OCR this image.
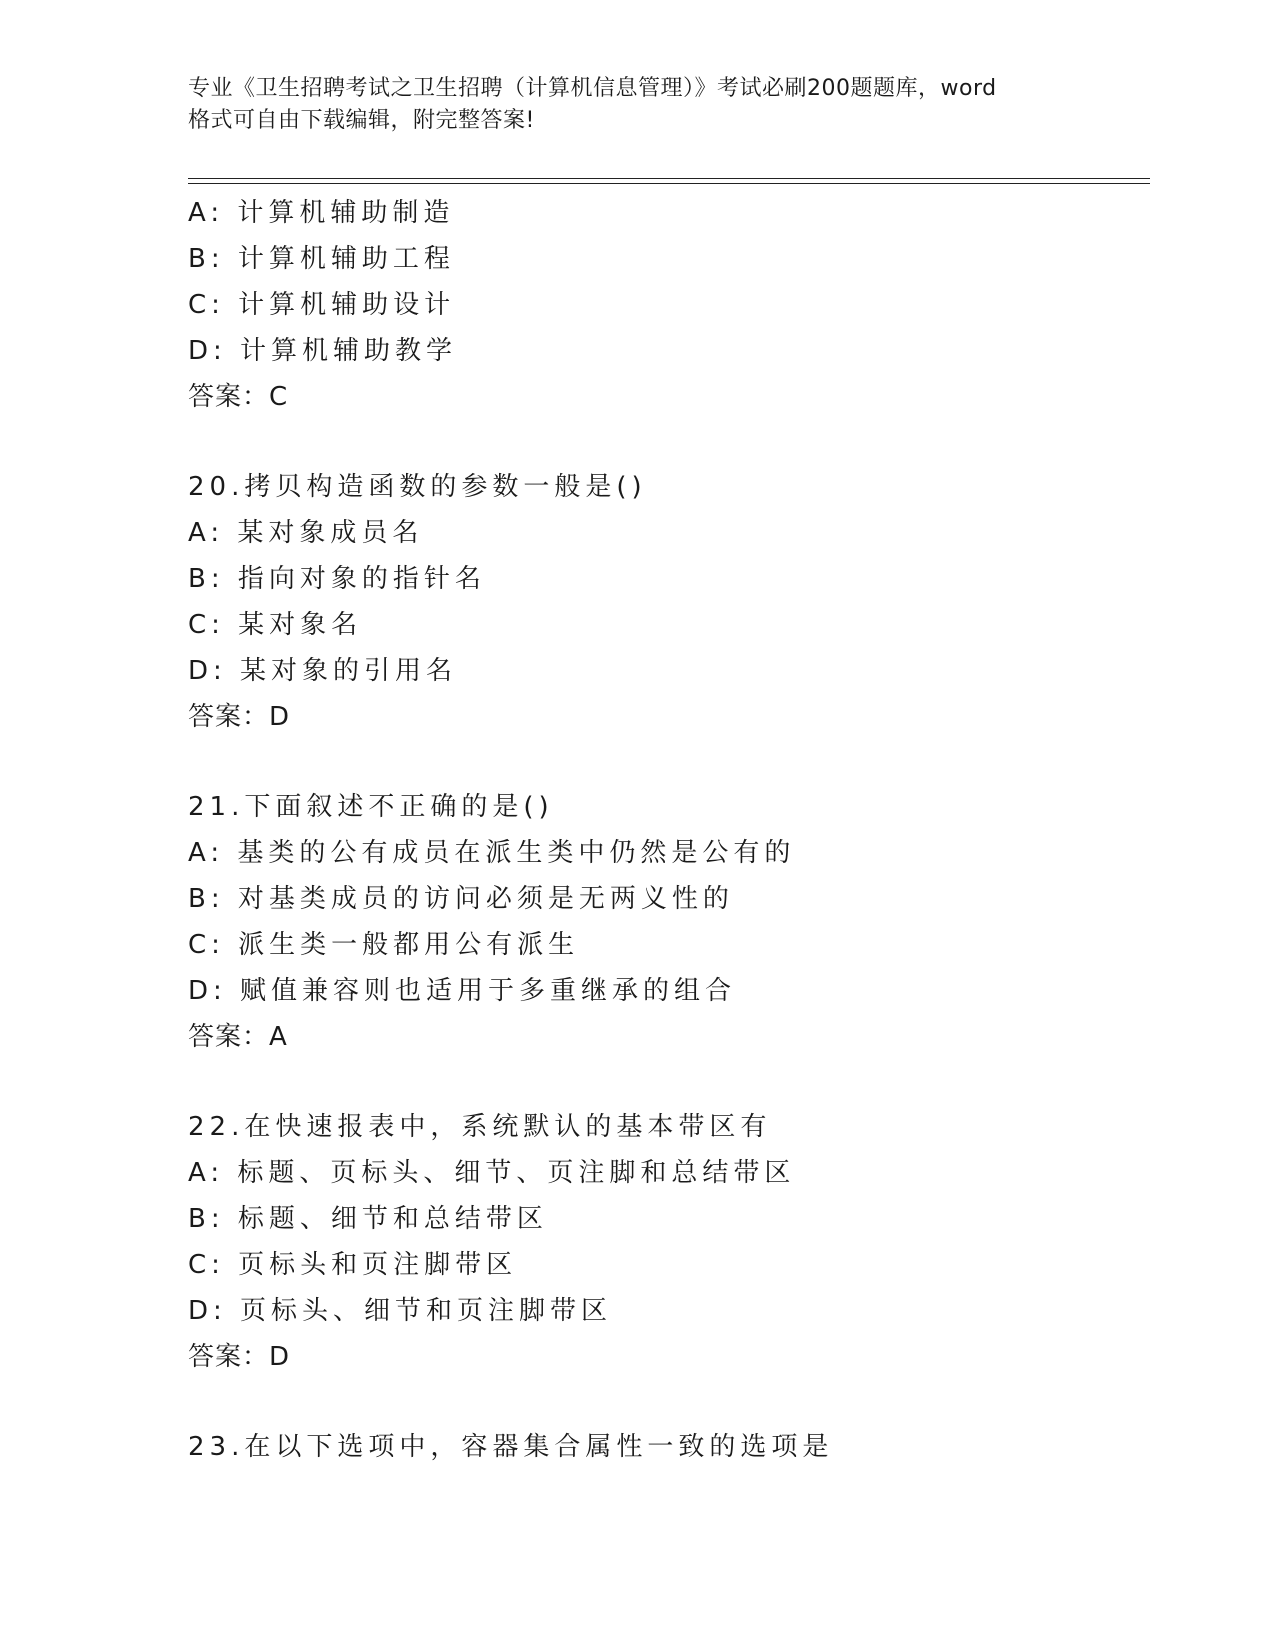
专业《卫生招聘考试之卫生招聘（计算机信息管理）》考试必刷200题题库，word
格式可自由下载编辑，附完整答案!
A: 计算机辅助制造
B: 计算机辅助工程
C: 计算机辅助设计
D: 计算机辅助教学
答案：C
20.拷贝构造函数的参数一般是()
A: 某对象成员名
B: 指向对象的指针名
C: 某对象名
D: 某对象的引用名
答案：D
21.下面叙述不正确的是()
A: 基类的公有成员在派生类中仍然是公有的
B: 对基类成员的访问必须是无两义性的
C: 派生类一般都用公有派生
D: 赋值兼容则也适用于多重继承的组合
答案：A
22.在快速报表中，系统默认的基本带区有
A: 标题、页标头、细节、页注脚和总结带区
B: 标题、细节和总结带区
C: 页标头和页注脚带区
D: 页标头、细节和页注脚带区
答案：D
23.在以下选项中，容器集合属性一致的选项是
